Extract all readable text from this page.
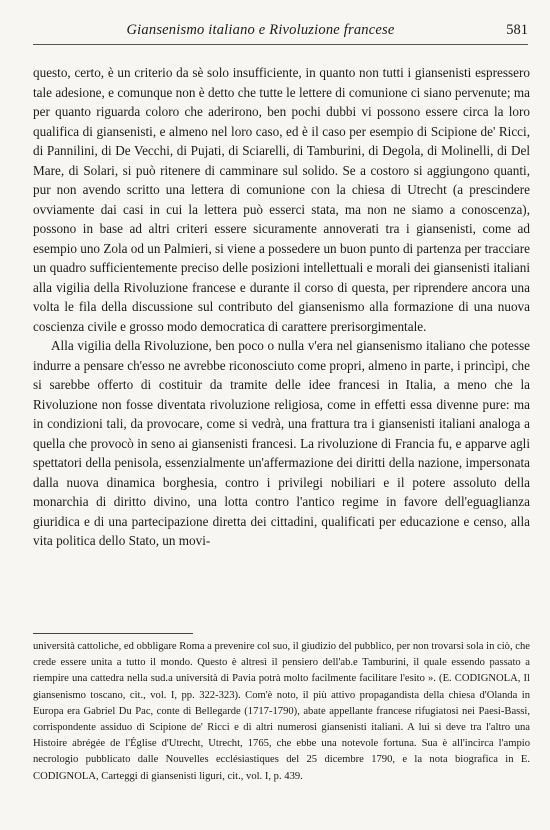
Giansenismo italiano e Rivoluzione francese	581

questo, certo, è un criterio da sè solo insufficiente, in quanto non tutti i giansenisti espressero tale adesione, e comunque non è detto che tutte le lettere di comunione ci siano pervenute; ma per quanto riguarda coloro che aderirono, ben pochi dubbi vi possono essere circa la loro qualifica di giansenisti, e almeno nel loro caso, ed è il caso per esempio di Scipione de' Ricci, di Pannilini, di De Vecchi, di Pujati, di Sciarelli, di Tamburini, di Degola, di Molinelli, di Del Mare, di Solari, si può ritenere di camminare sul solido. Se a costoro si aggiungono quanti, pur non avendo scritto una lettera di comunione con la chiesa di Utrecht (a prescindere ovviamente dai casi in cui la lettera può esserci stata, ma non ne siamo a conoscenza), possono in base ad altri criteri essere sicuramente annoverati tra i giansenisti, come ad esempio uno Zola od un Palmieri, si viene a possedere un buon punto di partenza per tracciare un quadro sufficientemente preciso delle posizioni intellettuali e morali dei giansenisti italiani alla vigilia della Rivoluzione francese e durante il corso di questa, per riprendere ancora una volta le fila della discussione sul contributo del giansenismo alla formazione di una nuova coscienza civile e grosso modo democratica di carattere prerisorgimentale.

Alla vigilia della Rivoluzione, ben poco o nulla v'era nel giansenismo italiano che potesse indurre a pensare ch'esso ne avrebbe riconosciuto come propri, almeno in parte, i princìpi, che si sarebbe offerto di costituir da tramite delle idee francesi in Italia, a meno che la Rivoluzione non fosse diventata rivoluzione religiosa, come in effetti essa divenne pure: ma in condizioni tali, da provocare, come si vedrà, una frattura tra i giansenisti italiani analoga a quella che provocò in seno ai giansenisti francesi. La rivoluzione di Francia fu, e apparve agli spettatori della penisola, essenzialmente un'affermazione dei diritti della nazione, impersonata dalla nuova dinamica borghesia, contro i privilegi nobiliari e il potere assoluto della monarchia di diritto divino, una lotta contro l'antico regime in favore dell'eguaglianza giuridica e di una partecipazione diretta dei cittadini, qualificati per educazione e censo, alla vita politica dello Stato, un movi-

università cattoliche, ed obbligare Roma a prevenire col suo, il giudizio del pubblico, per non trovarsi sola in ciò, che crede essere unita a tutto il mondo. Questo è altresì il pensiero dell'ab.e Tamburini, il quale essendo passato a riempire una cattedra nella sud.a università di Pavia potrà molto facilmente facilitare l'esito ». (E. CODIGNOLA, Il giansenismo toscano, cit., vol. I, pp. 322-323). Com'è noto, il più attivo propagandista della chiesa d'Olanda in Europa era Gabriel Du Pac, conte di Bellegarde (1717-1790), abate appellante francese rifugiatosi nei Paesi-Bassi, corrispondente assiduo di Scipione de' Ricci e di altri numerosi giansenisti italiani. A lui si deve tra l'altro una Histoire abrégée de l'Église d'Utrecht, Utrecht, 1765, che ebbe una notevole fortuna. Sua è all'incirca l'ampio necrologio pubblicato dalle Nouvelles ecclésiastiques del 25 dicembre 1790, e la nota biografica in E. CODIGNOLA, Carteggi di giansenisti liguri, cit., vol. I, p. 439.
